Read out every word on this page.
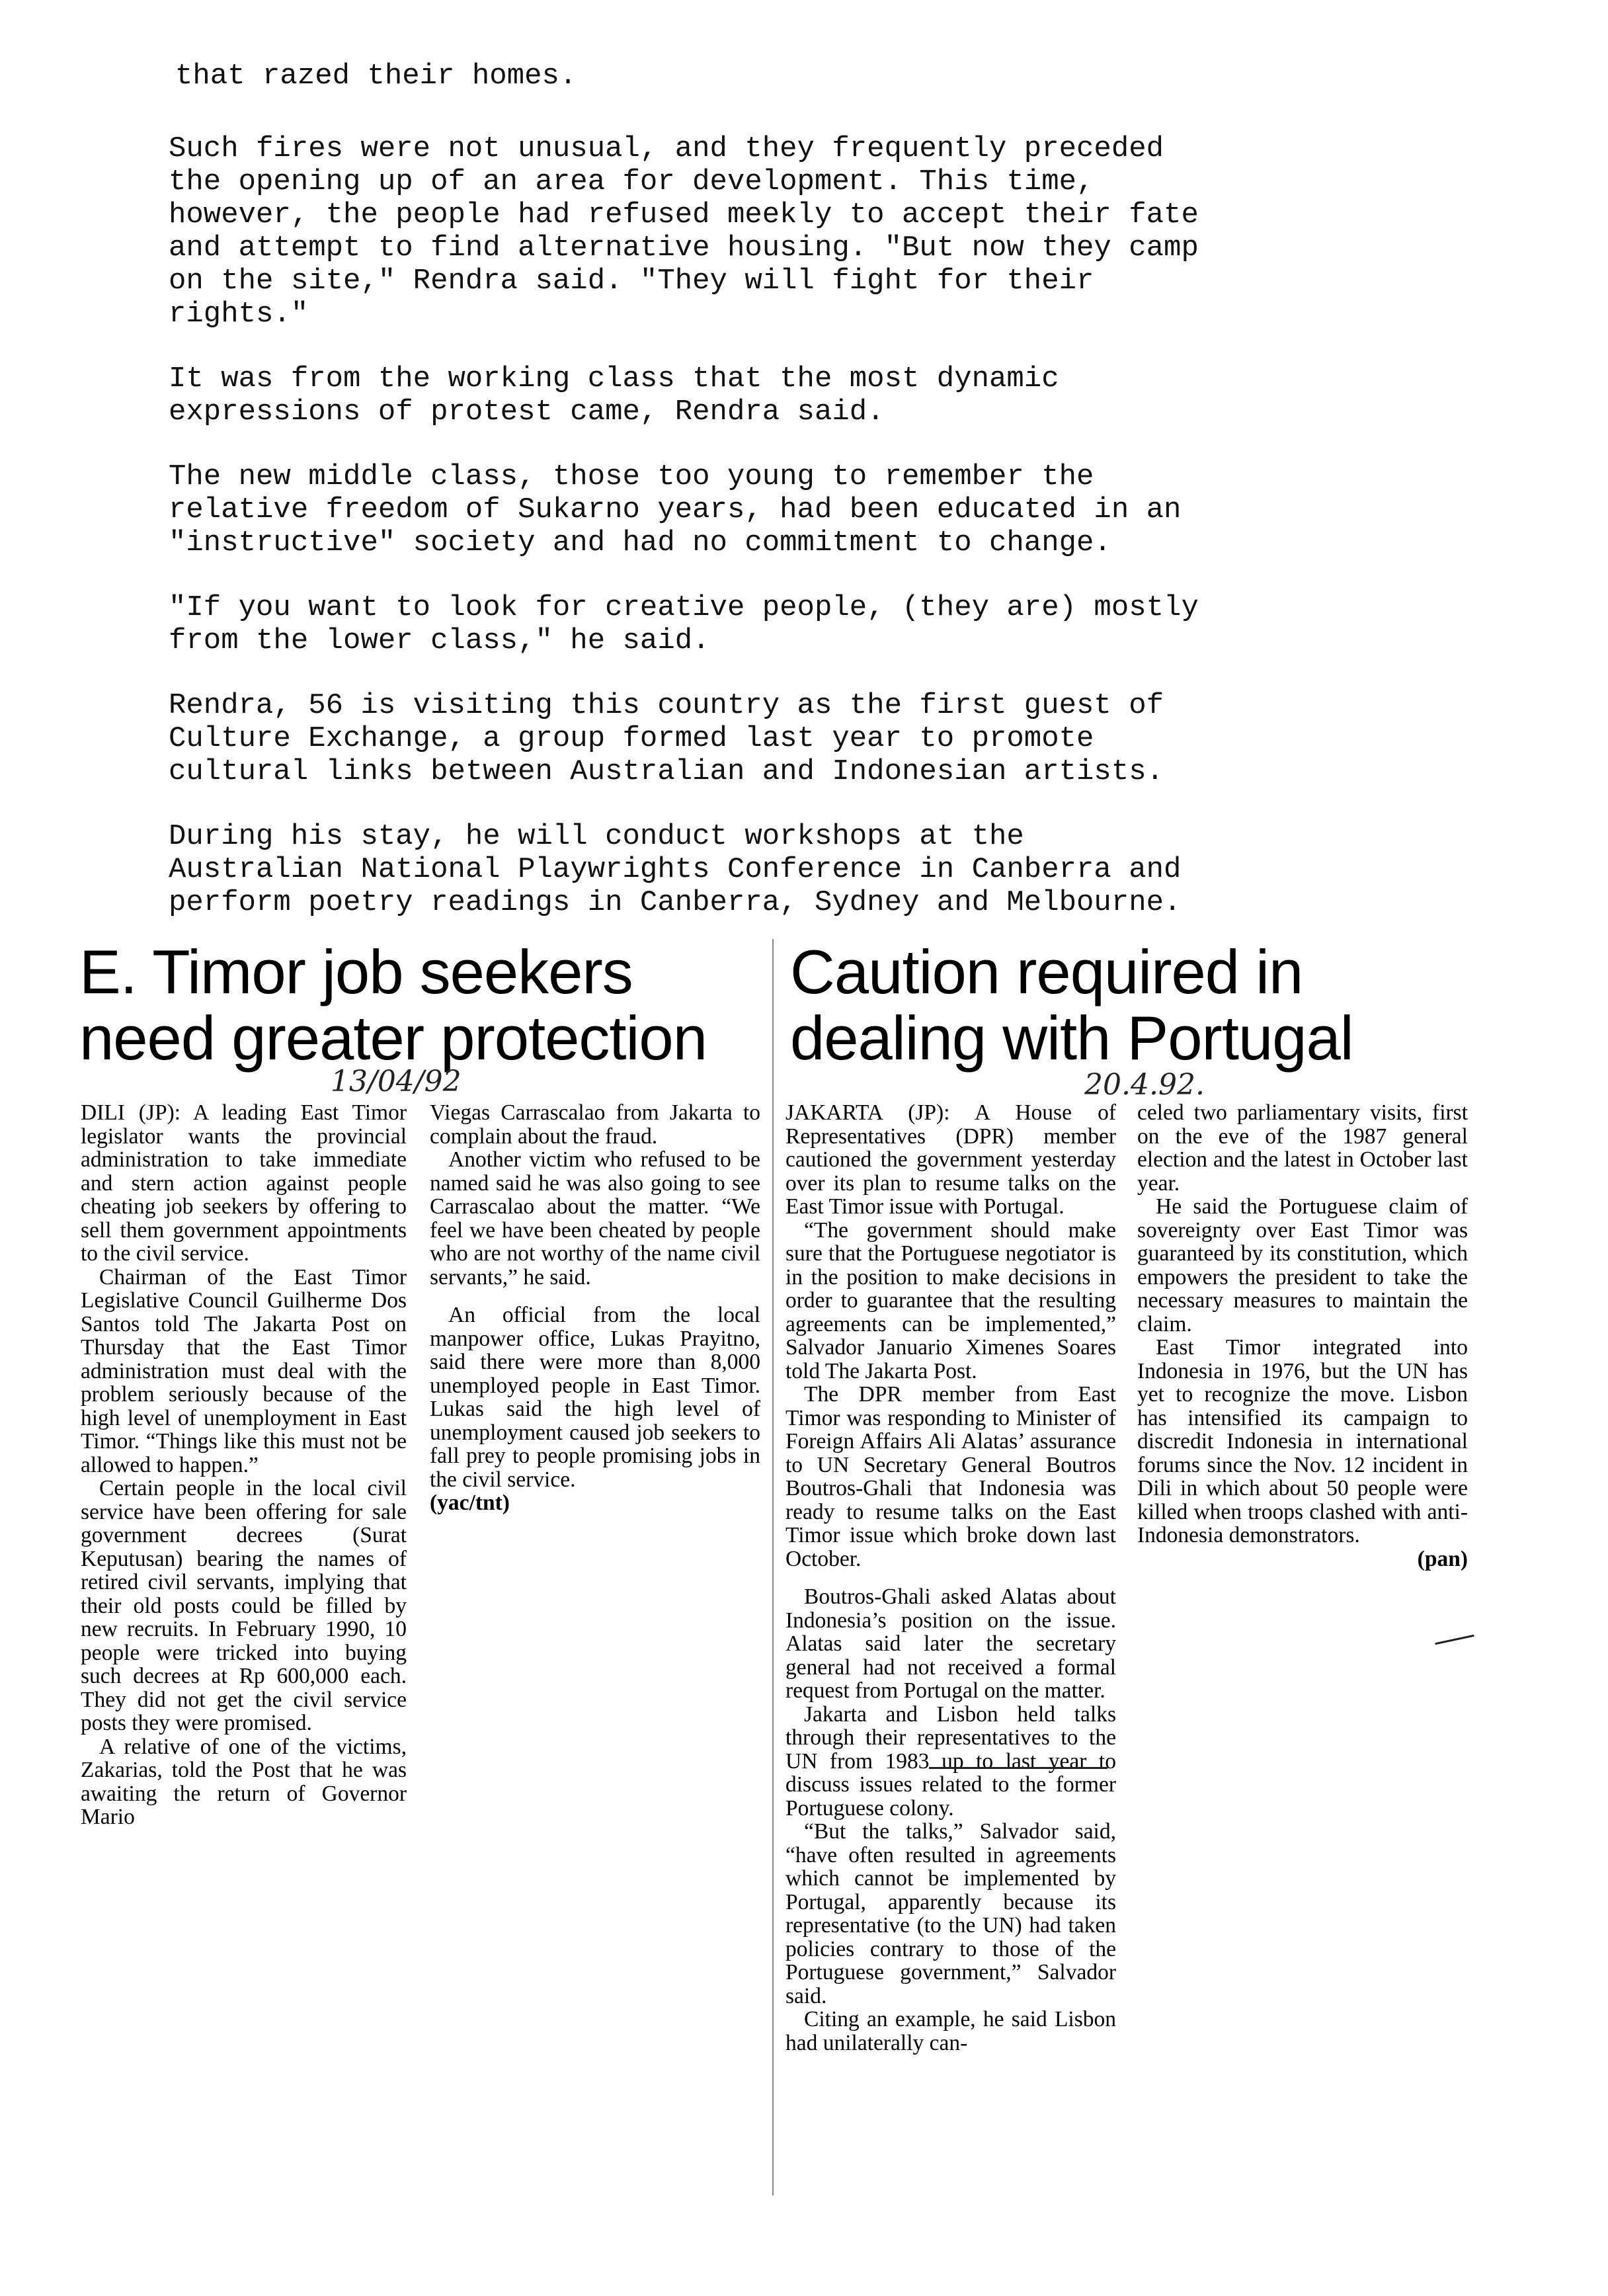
that razed their homes.
Such fires were not unusual, and they frequently preceded
the opening up of an area for development. This time,
however, the people had refused meekly to accept their fate
and attempt to find alternative housing. "But now they camp
on the site," Rendra said. "They will fight for their
rights."
It was from the working class that the most dynamic
expressions of protest came, Rendra said.
The new middle class, those too young to remember the
relative freedom of Sukarno years, had been educated in an
"instructive" society and had no commitment to change.
"If you want to look for creative people, (they are) mostly
from the lower class," he said.
Rendra, 56 is visiting this country as the first guest of
Culture Exchange, a group formed last year to promote
cultural links between Australian and Indonesian artists.
During his stay, he will conduct workshops at the
Australian National Playwrights Conference in Canberra and
perform poetry readings in Canberra, Sydney and Melbourne.
E. Timor job seekers need greater protection
Caution required in dealing with Portugal
13/04/92	20.4.92.

DILI (JP): A leading East Timor legislator wants the provincial administration to take immediate and stern action against people cheating job seekers by offering to sell them government appointments to the civil service.

Chairman of the East Timor Legislative Council Guilherme Dos Santos told The Jakarta Post on Thursday that the East Timor administration must deal with the problem seriously because of the high level of unemployment in East Timor. “Things like this must not be allowed to happen.”

Certain people in the local civil service have been offering for sale government decrees (Surat Keputusan) bearing the names of retired civil servants, implying that their old posts could be filled by new recruits. In February 1990, 10 people were tricked into buying such decrees at Rp 600,000 each. They did not get the civil service posts they were promised.

A relative of one of the victims, Zakarias, told the Post that he was awaiting the return of Governor Mario

Viegas Carrascalao from Jakarta to complain about the fraud.

Another victim who refused to be named said he was also going to see Carrascalao about the matter. “We feel we have been cheated by people who are not worthy of the name civil servants,” he said.

An official from the local manpower office, Lukas Prayitno, said there were more than 8,000 unemployed people in East Timor. Lukas said the high level of unemployment caused job seekers to fall prey to people promising jobs in the civil service.

(yac/tnt)

JAKARTA (JP): A House of Representatives (DPR) member cautioned the government yesterday over its plan to resume talks on the East Timor issue with Portugal.

“The government should make sure that the Portuguese negotiator is in the position to make decisions in order to guarantee that the resulting agreements can be implemented,” Salvador Januario Ximenes Soares told The Jakarta Post.

The DPR member from East Timor was responding to Minister of Foreign Affairs Ali Alatas’ assurance to UN Secretary General Boutros Boutros-Ghali that Indonesia was ready to resume talks on the East Timor issue which broke down last October.

Boutros-Ghali asked Alatas about Indonesia’s position on the issue. Alatas said later the secretary general had not received a formal request from Portugal on the matter.

Jakarta and Lisbon held talks through their representatives to the UN from 1983 up to last year to discuss issues related to the former Portuguese colony.

“But the talks,” Salvador said, “have often resulted in agreements which cannot be implemented by Portugal, apparently because its representative (to the UN) had taken policies contrary to those of the Portuguese government,” Salvador said.

Citing an example, he said Lisbon had unilaterally can-

celed two parliamentary visits, first on the eve of the 1987 general election and the latest in October last year.

He said the Portuguese claim of sovereignty over East Timor was guaranteed by its constitution, which empowers the president to take the necessary measures to maintain the claim.

East Timor integrated into Indonesia in 1976, but the UN has yet to recognize the move. Lisbon has intensified its campaign to discredit Indonesia in international forums since the Nov. 12 incident in Dili in which about 50 people were killed when troops clashed with anti-Indonesia demonstrators.

(pan)
